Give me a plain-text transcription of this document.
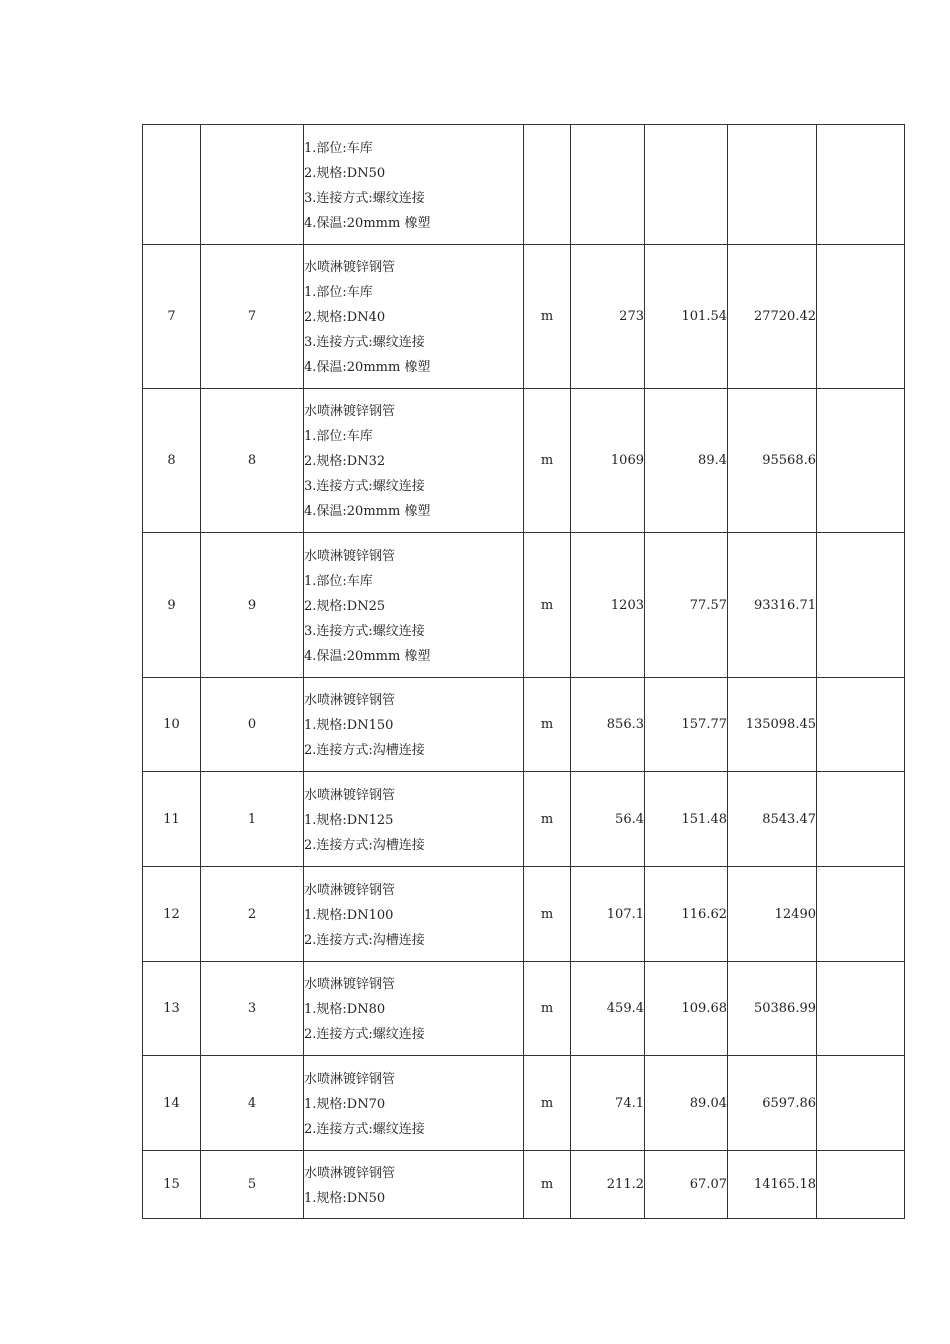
		1.部位:车库
2.规格:DN50
3.连接方式:螺纹连接
4.保温:20mmm 橡塑					

7	7	水喷淋镀锌钢管
1.部位:车库
2.规格:DN40
3.连接方式:螺纹连接
4.保温:20mmm 橡塑	m	273	101.54	27720.42	
8	8	水喷淋镀锌钢管
1.部位:车库
2.规格:DN32
3.连接方式:螺纹连接
4.保温:20mmm 橡塑	m	1069	89.4	95568.6	
9	9	水喷淋镀锌钢管
1.部位:车库
2.规格:DN25
3.连接方式:螺纹连接
4.保温:20mmm 橡塑	m	1203	77.57	93316.71	
10	0	水喷淋镀锌钢管
1.规格:DN150
2.连接方式:沟槽连接	m	856.3	157.77	135098.45	
11	1	水喷淋镀锌钢管
1.规格:DN125
2.连接方式:沟槽连接	m	56.4	151.48	8543.47	
12	2	水喷淋镀锌钢管
1.规格:DN100
2.连接方式:沟槽连接	m	107.1	116.62	12490	
13	3	水喷淋镀锌钢管
1.规格:DN80
2.连接方式:螺纹连接	m	459.4	109.68	50386.99	
14	4	水喷淋镀锌钢管
1.规格:DN70
2.连接方式:螺纹连接	m	74.1	89.04	6597.86	
15	5	水喷淋镀锌钢管
1.规格:DN50	m	211.2	67.07	14165.18	
